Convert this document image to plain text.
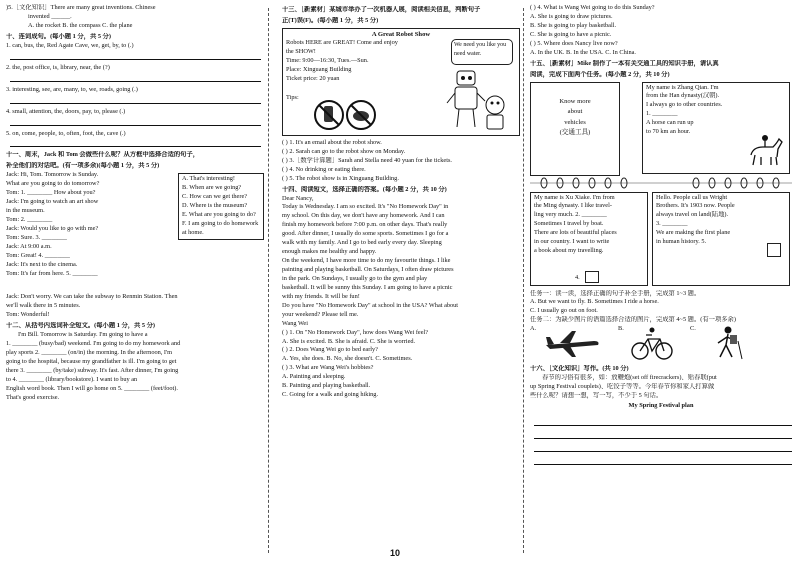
)5.［文化知识］There are many great inventions. Chinese
invented ______.
A. the rocket B. the compass C. the plane
十、连词成句。(每小题 1 分，共 5 分)
1. can, bus, the, Red Agate Cave, we, get, by, to (.)
2. the, post office, is, library, near, the (?)
3. interesting, see, are, many, to, we, roads, going (.)
4. small, attention, the, doors, pay, to, please (.)
5. on, come, people, to, often, foot, the, cave (.)
十一、周末，Jack 和 Tom 会做些什么呢？从方框中选择合适的句子，
补全他们的对话吧。(有一项多余)(每小题 1 分，共 5 分)
Jack: Hi, Tom. Tomorrow is Sunday.
What are you going to do tomorrow?
Tom: 1. ________ How about you?
Jack: I'm going to watch an art show
in the museum.
Tom: 2. ________
Jack: Would you like to go with me?
Tom: Sure. 3. ________
Jack: At 9:00 a.m.
Tom: Great! 4. ________
Jack: It's next to the cinema.
Tom: It's far from here. 5. ________
A. That's interesting!
B. When are we going?
C. How can we get there?
D. Where is the museum?
E. What are you going to do?
F. I am going to do homework at home.
Jack: Don't worry. We can take the subway to Renmin Station. Then
we'll walk there in 5 minutes.
Tom: Wonderful!
十二、从括号内选词补全短文。(每小题 1 分，共 5 分)
I'm Bill. Tomorrow is Saturday. I'm going to have a
1. ________ (busy/bad) weekend. I'm going to do my homework and
play sports 2. ________ (on/in) the morning. In the afternoon, I'm
going to the hospital, because my grandfather is ill. I'm going to get
there 3. ________ (by/take) subway. It's fast. After dinner, I'm going
to 4. ________ (library/bookstore). I want to buy an
English word book. Then I will go home on 5. ________ (feet/foot).
That's good exercise.
十三、［新素材］某城市举办了一次机器人展，阅读相关信息，判断句子
正(T)误(F)。(每小题 1 分，共 5 分)
A Great Robot Show
Robots HERE are GREAT! Come and enjoy
the SHOW!
Time: 9:00—16:30, Tues.—Sun.
Place: Xinguang Building
Ticket price: 20 yuan
Tips:
We need you like you need water.
( ) 1. It's an email about the robot show.
( ) 2. Sarah can go to the robot show on Monday.
( ) 3.［数学计算题］Sarah and Stella need 40 yuan for the tickets.
( ) 4. No drinking or eating there.
( ) 5. The robot show is in Xinguang Building.
十四、阅读短文，选择正确的答案。(每小题 2 分，共 10 分)
Dear Nancy,
Today is Wednesday. I am so excited. It's "No Homework Day" in
my school. On this day, we don't have any homework. And I can
finish my homework before 7:00 p.m. on other days. That's really
good. After dinner, I usually do some sports. Sometimes I go for a
walk with my family. And I go to bed early every day. Sleeping
enough makes me healthy and happy.
On the weekend, I have more time to do my favourite things. I like
painting and playing basketball. On Saturdays, I often draw pictures
in the park. On Sundays, I usually go to the gym and play
basketball. It will be sunny this Sunday. I am going to have a picnic
with my friends. It will be fun!
Do you have "No Homework Day" at school in the USA? What about
your weekend? Please tell me.
Wang Wei
( ) 1. On "No Homework Day", how does Wang Wei feel?
A. She is excited. B. She is afraid. C. She is worried.
( ) 2. Does Wang Wei go to bed early?
A. Yes, she does. B. No, she doesn't. C. Sometimes.
( ) 3. What are Wang Wei's hobbies?
A. Painting and sleeping.
B. Painting and playing basketball.
C. Going for a walk and going hiking.
( ) 4. What is Wang Wei going to do this Sunday?
A. She is going to draw pictures.
B. She is going to play basketball.
C. She is going to have a picnic.
( ) 5. Where does Nancy live now?
A. In the UK. B. In the USA. C. In China.
十五、［新素材］Mike 制作了一本有关交通工具的知识手册，请认真
阅读，完成下面两个任务。(每小题 2 分，共 10 分)
Know more
about
vehicles
(交通工具)
My name is Zhang Qian. I'm
from the Han dynasty(汉朝).
I always go to other countries.
1. ________
A horse can run up
to 70 km an hour.
My name is Xu Xiake. I'm from
the Ming dynasty. I like travel-
ling very much. 2. ________
Sometimes I travel by boat.
There are lots of beautiful places
in our country. I want to write
a book about my travelling.
4.
Hello. People call us Wright
Brothers. It's 1903 now. People
always travel on land(陆地).
3. ________
We are making the first plane
in human history. 5.
任务一：读一读，选择正确的句子补全手册，完成第 1~3 题。
A. But we want to fly. B. Sometimes I ride a horse.
C. I usually go out on foot.
任务二：为缺少图片的语篇选择合适的图片，完成第 4~5 题。(有一项多余)
A.	B.	C.
十六、［文化知识］写作。(共 10 分)
春节的习俗有很多，如：放鞭炮(set off firecrackers)、贴春联(put
up Spring Festival couplets)、吃饺子等等。今年春节你和家人打算做
些什么呢？请想一想，写一写，不少于 5 句话。
My Spring Festival plan
10
